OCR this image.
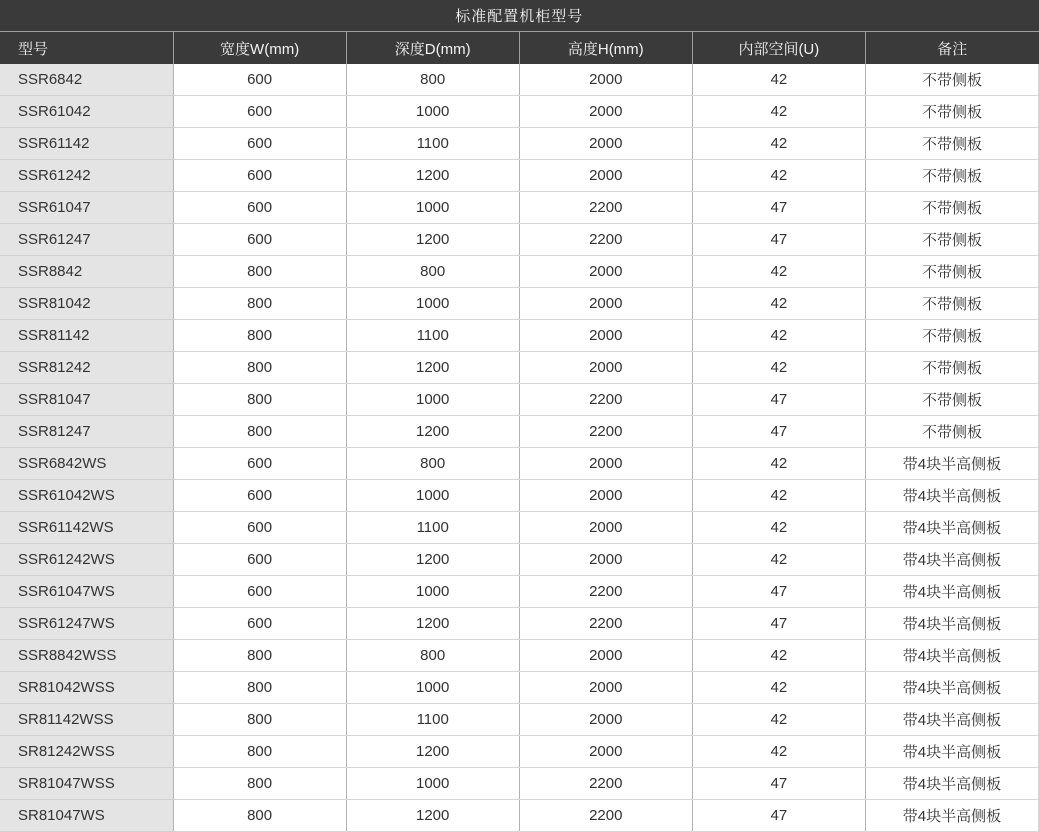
标准配置机柜型号					
型号	宽度W(mm)	深度D(mm)	高度H(mm)	内部空间(U)	备注
SSR6842	600	800	2000	42	不带侧板
SSR61042	600	1000	2000	42	不带侧板
SSR61142	600	1100	2000	42	不带侧板
SSR61242	600	1200	2000	42	不带侧板
SSR61047	600	1000	2200	47	不带侧板
SSR61247	600	1200	2200	47	不带侧板
SSR8842	800	800	2000	42	不带侧板
SSR81042	800	1000	2000	42	不带侧板
SSR81142	800	1100	2000	42	不带侧板
SSR81242	800	1200	2000	42	不带侧板
SSR81047	800	1000	2200	47	不带侧板
SSR81247	800	1200	2200	47	不带侧板
SSR6842WS	600	800	2000	42	带4块半高侧板
SSR61042WS	600	1000	2000	42	带4块半高侧板
SSR61142WS	600	1100	2000	42	带4块半高侧板
SSR61242WS	600	1200	2000	42	带4块半高侧板
SSR61047WS	600	1000	2200	47	带4块半高侧板
SSR61247WS	600	1200	2200	47	带4块半高侧板
SSR8842WSS	800	800	2000	42	带4块半高侧板
SR81042WSS	800	1000	2000	42	带4块半高侧板
SR81142WSS	800	1100	2000	42	带4块半高侧板
SR81242WSS	800	1200	2000	42	带4块半高侧板
SR81047WSS	800	1000	2200	47	带4块半高侧板
SR81047WS	800	1200	2200	47	带4块半高侧板
